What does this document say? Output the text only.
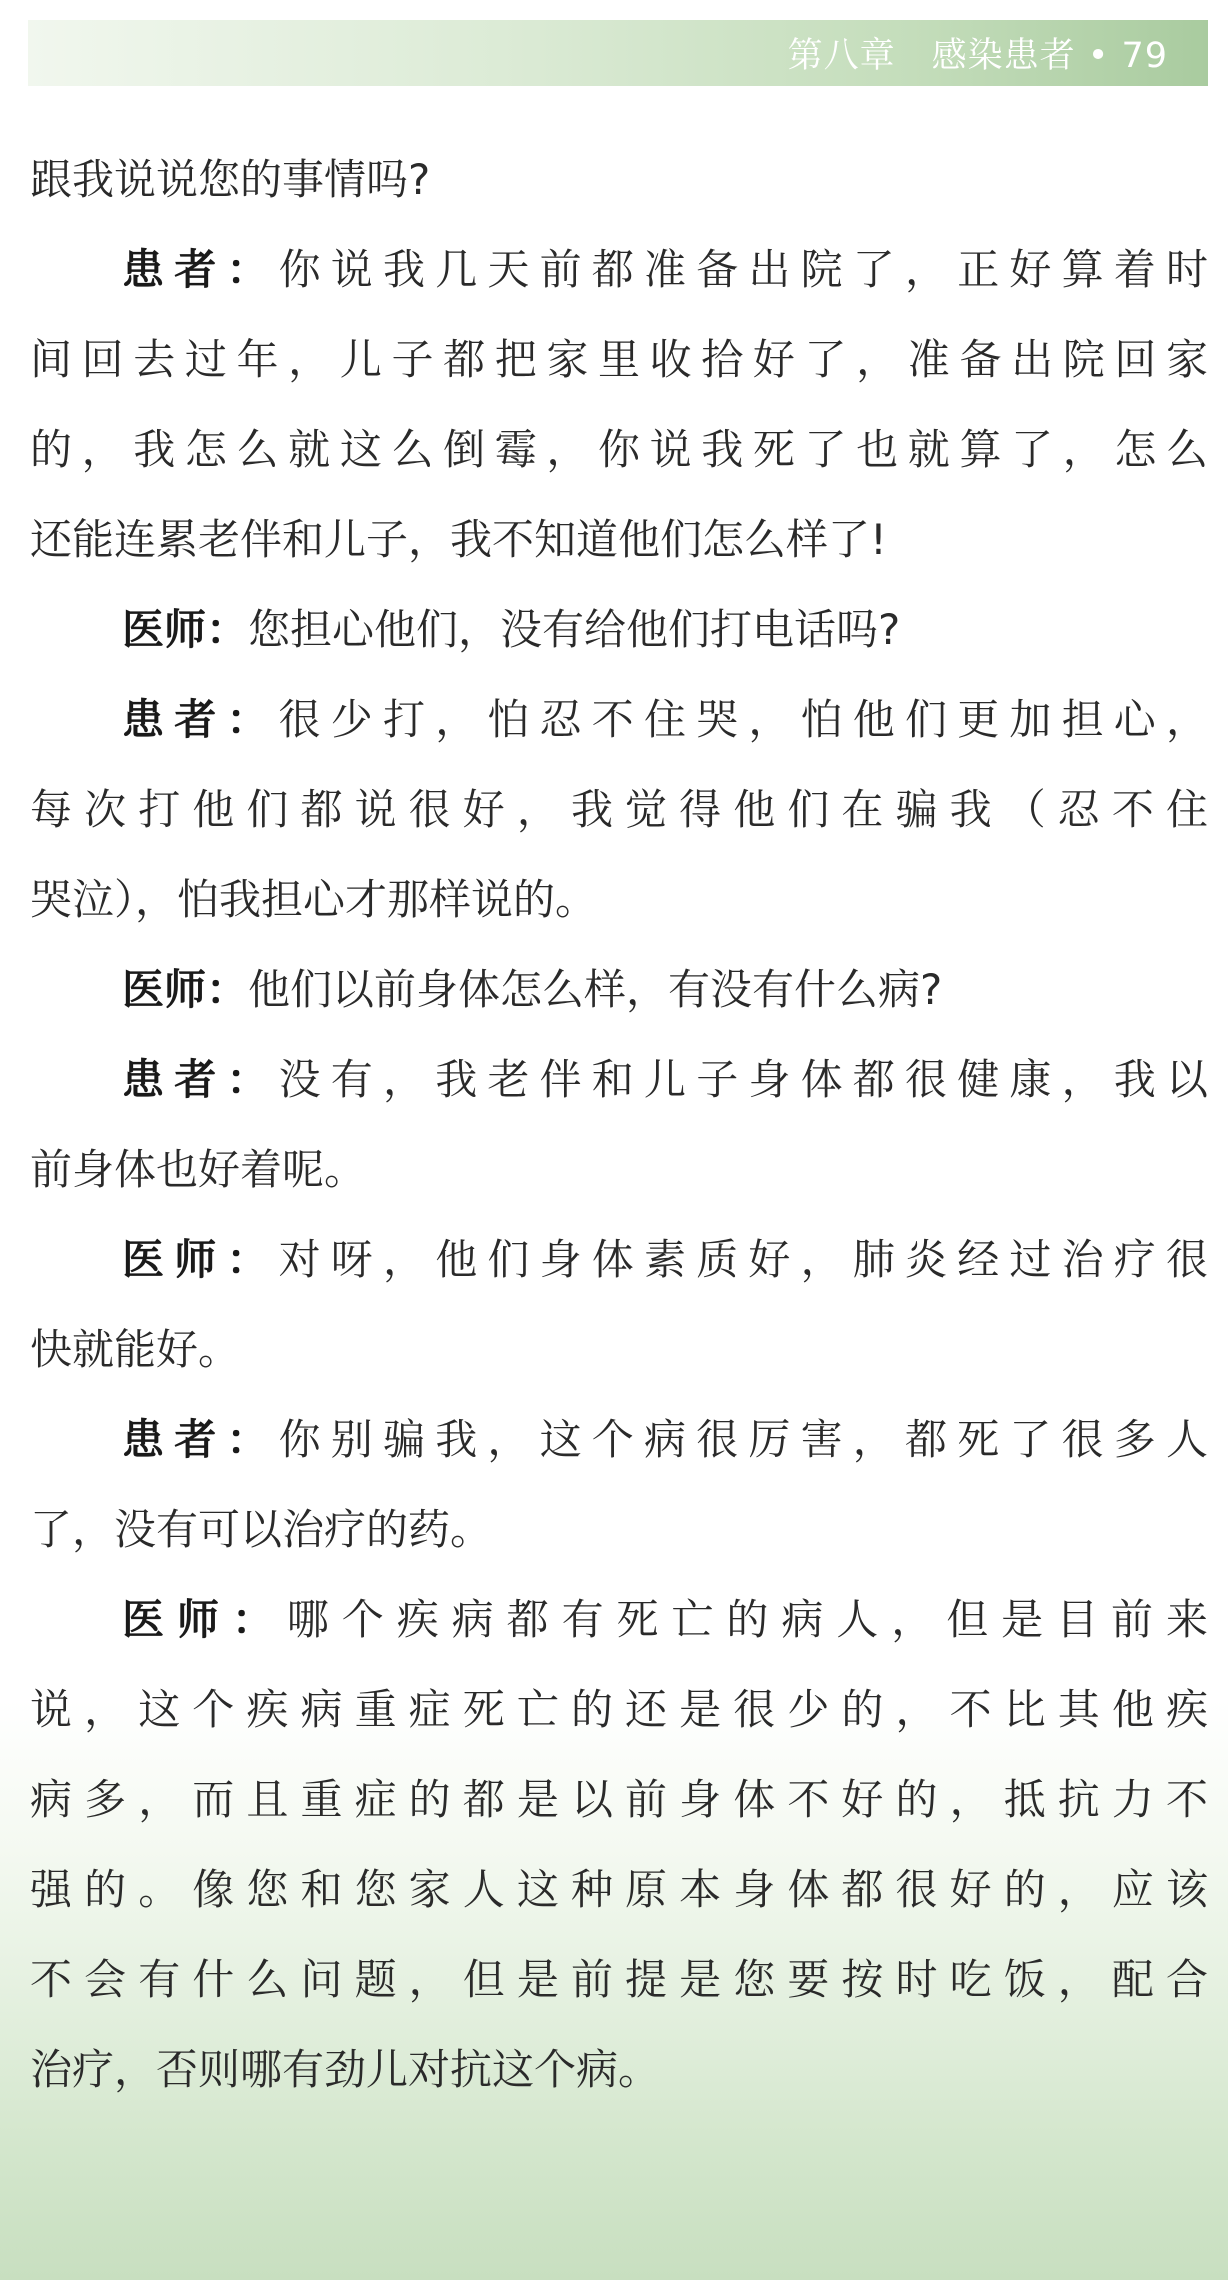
第八章　感染患者 • 79
跟我说说您的事情吗?
患者：你说我几天前都准备出院了，正好算着时
间回去过年，儿子都把家里收拾好了，准备出院回家
的，我怎么就这么倒霉，你说我死了也就算了，怎么
还能连累老伴和儿子，我不知道他们怎么样了!
医师：您担心他们，没有给他们打电话吗?
患者：很少打，怕忍不住哭，怕他们更加担心，
每次打他们都说很好，我觉得他们在骗我（忍不住
哭泣），怕我担心才那样说的。
医师：他们以前身体怎么样，有没有什么病?
患者：没有，我老伴和儿子身体都很健康，我以
前身体也好着呢。
医师：对呀，他们身体素质好，肺炎经过治疗很
快就能好。
患者：你别骗我，这个病很厉害，都死了很多人
了，没有可以治疗的药。
医师：哪个疾病都有死亡的病人，但是目前来
说，这个疾病重症死亡的还是很少的，不比其他疾
病多，而且重症的都是以前身体不好的，抵抗力不
强的。像您和您家人这种原本身体都很好的，应该
不会有什么问题，但是前提是您要按时吃饭，配合
治疗，否则哪有劲儿对抗这个病。
